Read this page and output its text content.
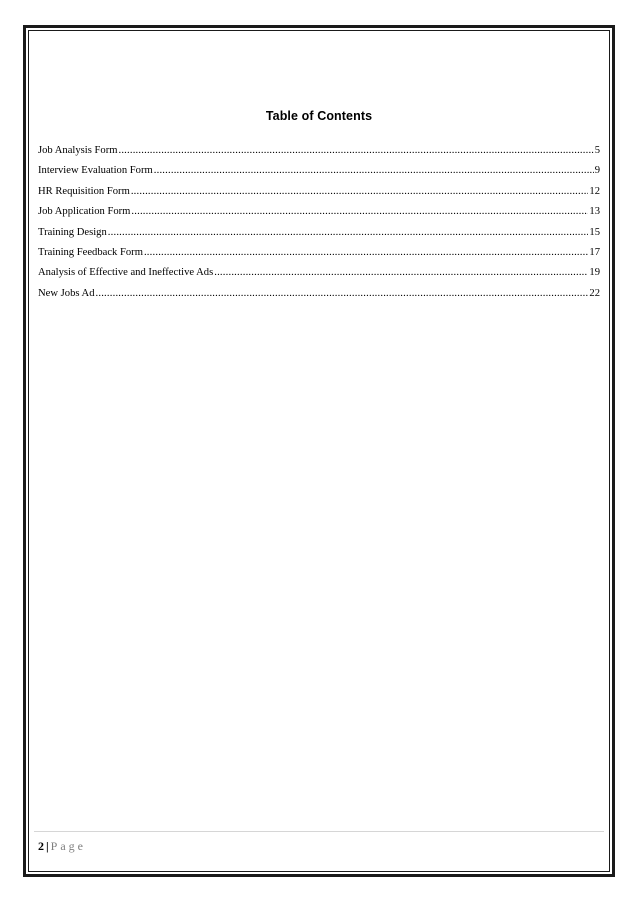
Table of Contents
Job Analysis Form .....	5
Interview Evaluation Form .....	9
HR Requisition Form .....	12
Job Application Form .....	13
Training Design .....	15
Training Feedback Form .....	17
Analysis of Effective and Ineffective Ads .....	19
New Jobs Ad .....	22
2 | Page
